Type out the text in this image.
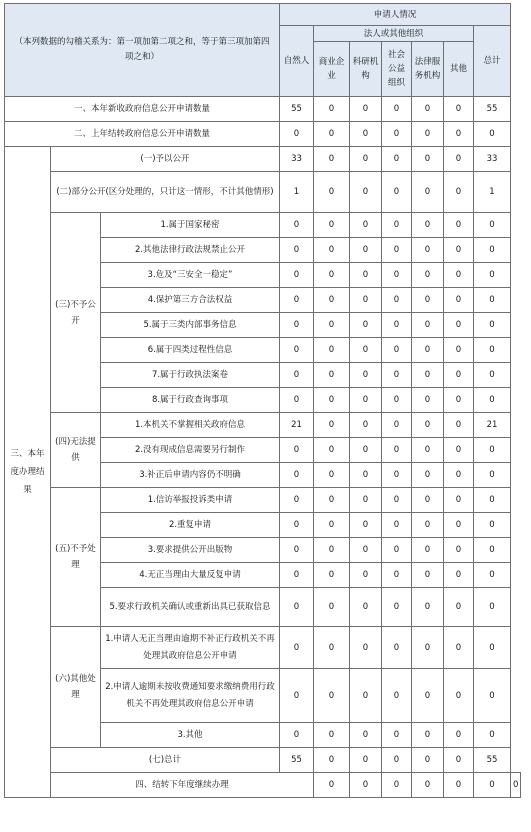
（本列数据的勾稽关系为：第一项加第二项之和，等于第三项加第四项之和）			申请人情况							
			自然人	法人或其他组织					总计	
				商业企业	科研机构	社会公益组织	法律服务机构	其他		
一、本年新收政府信息公开申请数量			55	0	0	0	0	0	55	
二、上年结转政府信息公开申请数量			0	0	0	0	0	0	0	
三、本年度办理结果	(一)予以公开		33	0	0	0	0	0	33	
	(二)部分公开(区分处理的，只计这一情形，不计其他情形)		1	0	0	0	0	0	1	
	(三)不予公开	1.属于国家秘密	0	0	0	0	0	0	0	
		2.其他法律行政法规禁止公开	0	0	0	0	0	0	0	
		3.危及“三安全一稳定”	0	0	0	0	0	0	0	
		4.保护第三方合法权益	0	0	0	0	0	0	0	
		5.属于三类内部事务信息	0	0	0	0	0	0	0	
		6.属于四类过程性信息	0	0	0	0	0	0	0	
		7.属于行政执法案卷	0	0	0	0	0	0	0	
		8.属于行政查询事项	0	0	0	0	0	0	0	
	(四)无法提供	1.本机关不掌握相关政府信息	21	0	0	0	0	0	21	
		2.没有现成信息需要另行制作	0	0	0	0	0	0	0	
		3.补正后申请内容仍不明确	0	0	0	0	0	0	0	
	(五)不予处理	1.信访举报投诉类申请	0	0	0	0	0	0	0	
		2.重复申请	0	0	0	0	0	0	0	
		3.要求提供公开出版物	0	0	0	0	0	0	0	
		4.无正当理由大量反复申请	0	0	0	0	0	0	0	
		5.要求行政机关确认或重新出具已获取信息	0	0	0	0	0	0	0	
	(六)其他处理	1.申请人无正当理由逾期不补正行政机关不再处理其政府信息公开申请	0	0	0	0	0	0	0	
		2.申请人逾期未按收费通知要求缴纳费用行政机关不再处理其政府信息公开申请	0	0	0	0	0	0	0	
		3.其他	0	0	0	0	0	0	0	
	(七)总计		55	0	0	0	0	0	55	
	四、结转下年度继续办理			0	0	0	0	0	0	0
